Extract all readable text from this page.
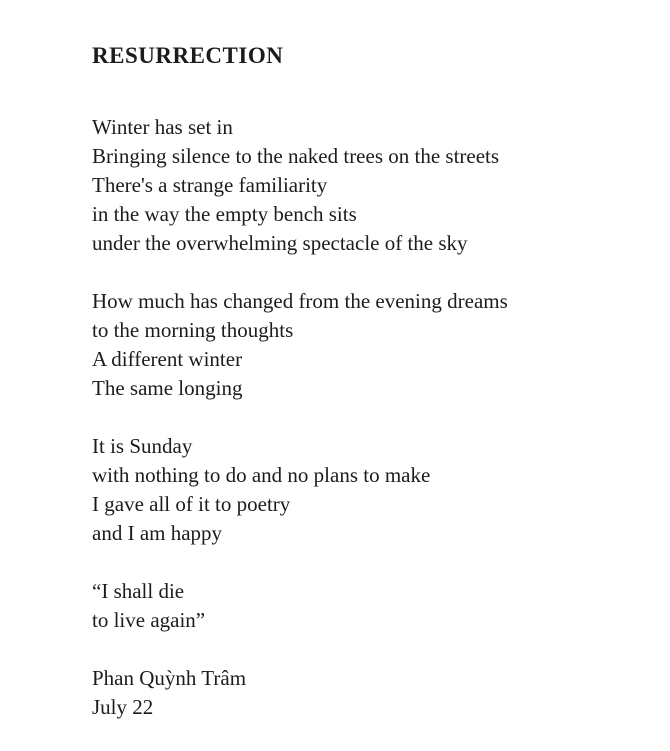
RESURRECTION

Winter has set in

Bringing silence to the naked trees on the streets

There's a strange familiarity

in the way the empty bench sits

under the overwhelming spectacle of the sky

How much has changed from the evening dreams

to the morning thoughts

A different winter

The same longing

It is Sunday

with nothing to do and no plans to make

I gave all of it to poetry

and I am happy

“I shall die

to live again”

Phan Quỳnh Trâm

July 22
